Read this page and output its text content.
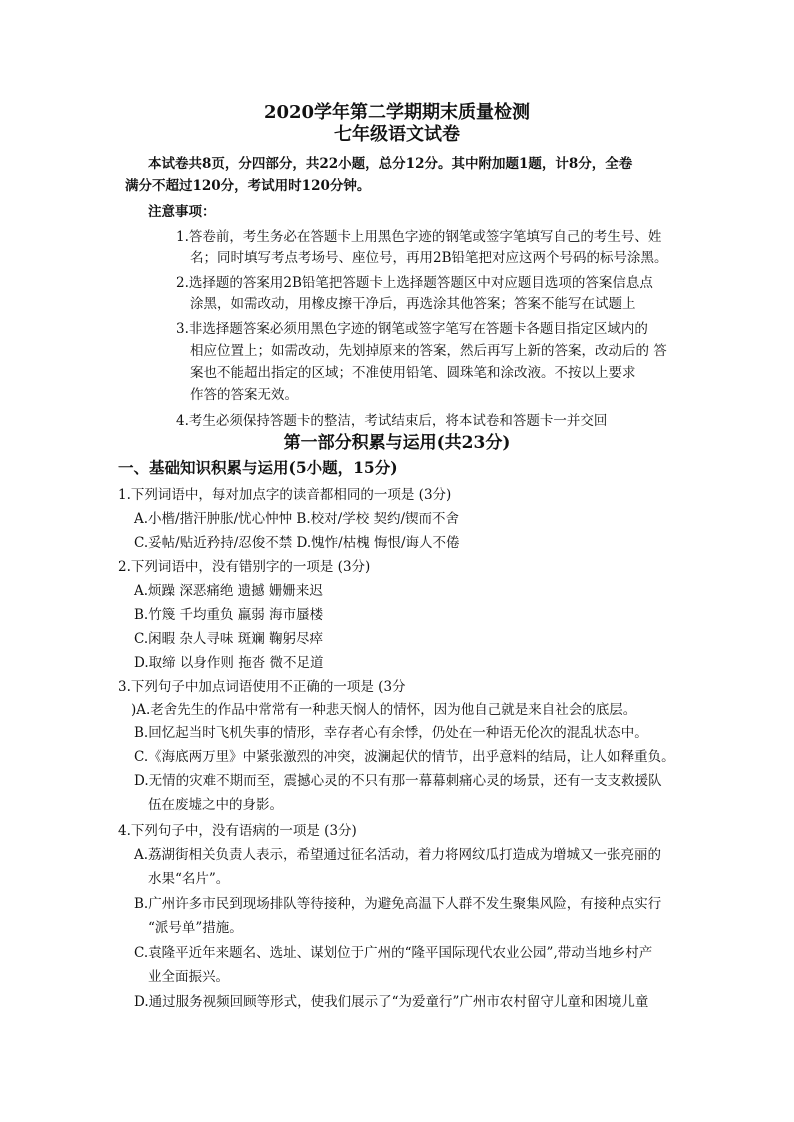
2020学年第二学期期末质量检测
七年级语文试卷
本试卷共8页，分四部分，共22小题，总分12分。其中附加题1题，计8分，全卷
满分不超过120分，考试用时120分钟。
注意事项：
1.答卷前，考生务必在答题卡上用黑色字迹的钢笔或签字笔填写自己的考生号、姓
名；同时填写考点考场号、座位号，再用2B铅笔把对应这两个号码的标号涂黑。
2.选择题的答案用2B铅笔把答题卡上选择题答题区中对应题目选项的答案信息点
涂黑，如需改动，用橡皮擦干净后，再选涂其他答案；答案不能写在试题上
3.非选择题答案必须用黑色字迹的钢笔或签字笔写在答题卡各题目指定区域内的
相应位置上；如需改动，先划掉原来的答案，然后再写上新的答案，改动后的 答
案也不能超出指定的区域；不准使用铅笔、圆珠笔和涂改液。不按以上要求
作答的答案无效。
4.考生必须保持答题卡的整洁，考试结束后，将本试卷和答题卡一并交回
第一部分积累与运用(共23分)
一、基础知识积累与运用(5小题，15分)
1.下列词语中，每对加点字的读音都相同的一项是 (3分)
A.小楷/揩汗肿胀/忧心忡忡 B.校对/学校 契约/锲而不舍
C.妥帖/贴近矜持/忍俊不禁 D.愧怍/枯槐 悔恨/诲人不倦
2.下列词语中，没有错别字的一项是 (3分)
A.烦躁 深恶痛绝 遗撼 姗姗来迟
B.竹篾 千均重负 羸弱 海市蜃楼
C.闲暇 杂人寻味 斑斓 鞠躬尽瘁
D.取缔 以身作则 拖沓 微不足道
3.下列句子中加点词语使用不正确的一项是 (3分
)A.老舍先生的作品中常常有一种悲天悯人的情怀，因为他自己就是来自社会的底层。
B.回忆起当时飞机失事的情形，幸存者心有余悸，仍处在一种语无伦次的混乱状态中。
C.《海底两万里》中紧张激烈的冲突，波澜起伏的情节，出乎意料的结局，让人如释重负。
D.无情的灾难不期而至，震撼心灵的不只有那一幕幕刺痛心灵的场景，还有一支支救援队
伍在废墟之中的身影。
4.下列句子中，没有语病的一项是 (3分)
A.荔湖街相关负责人表示，希望通过征名活动，着力将网纹瓜打造成为增城又一张亮丽的
水果“名片”。
B.广州许多市民到现场排队等待接种，为避免高温下人群不发生聚集风险，有接种点实行
“派号单”措施。
C.袁隆平近年来题名、选址、谋划位于广州的“隆平国际现代农业公园”,带动当地乡村产
业全面振兴。
D.通过服务视频回顾等形式，使我们展示了“为爱童行”广州市农村留守儿童和困境儿童
